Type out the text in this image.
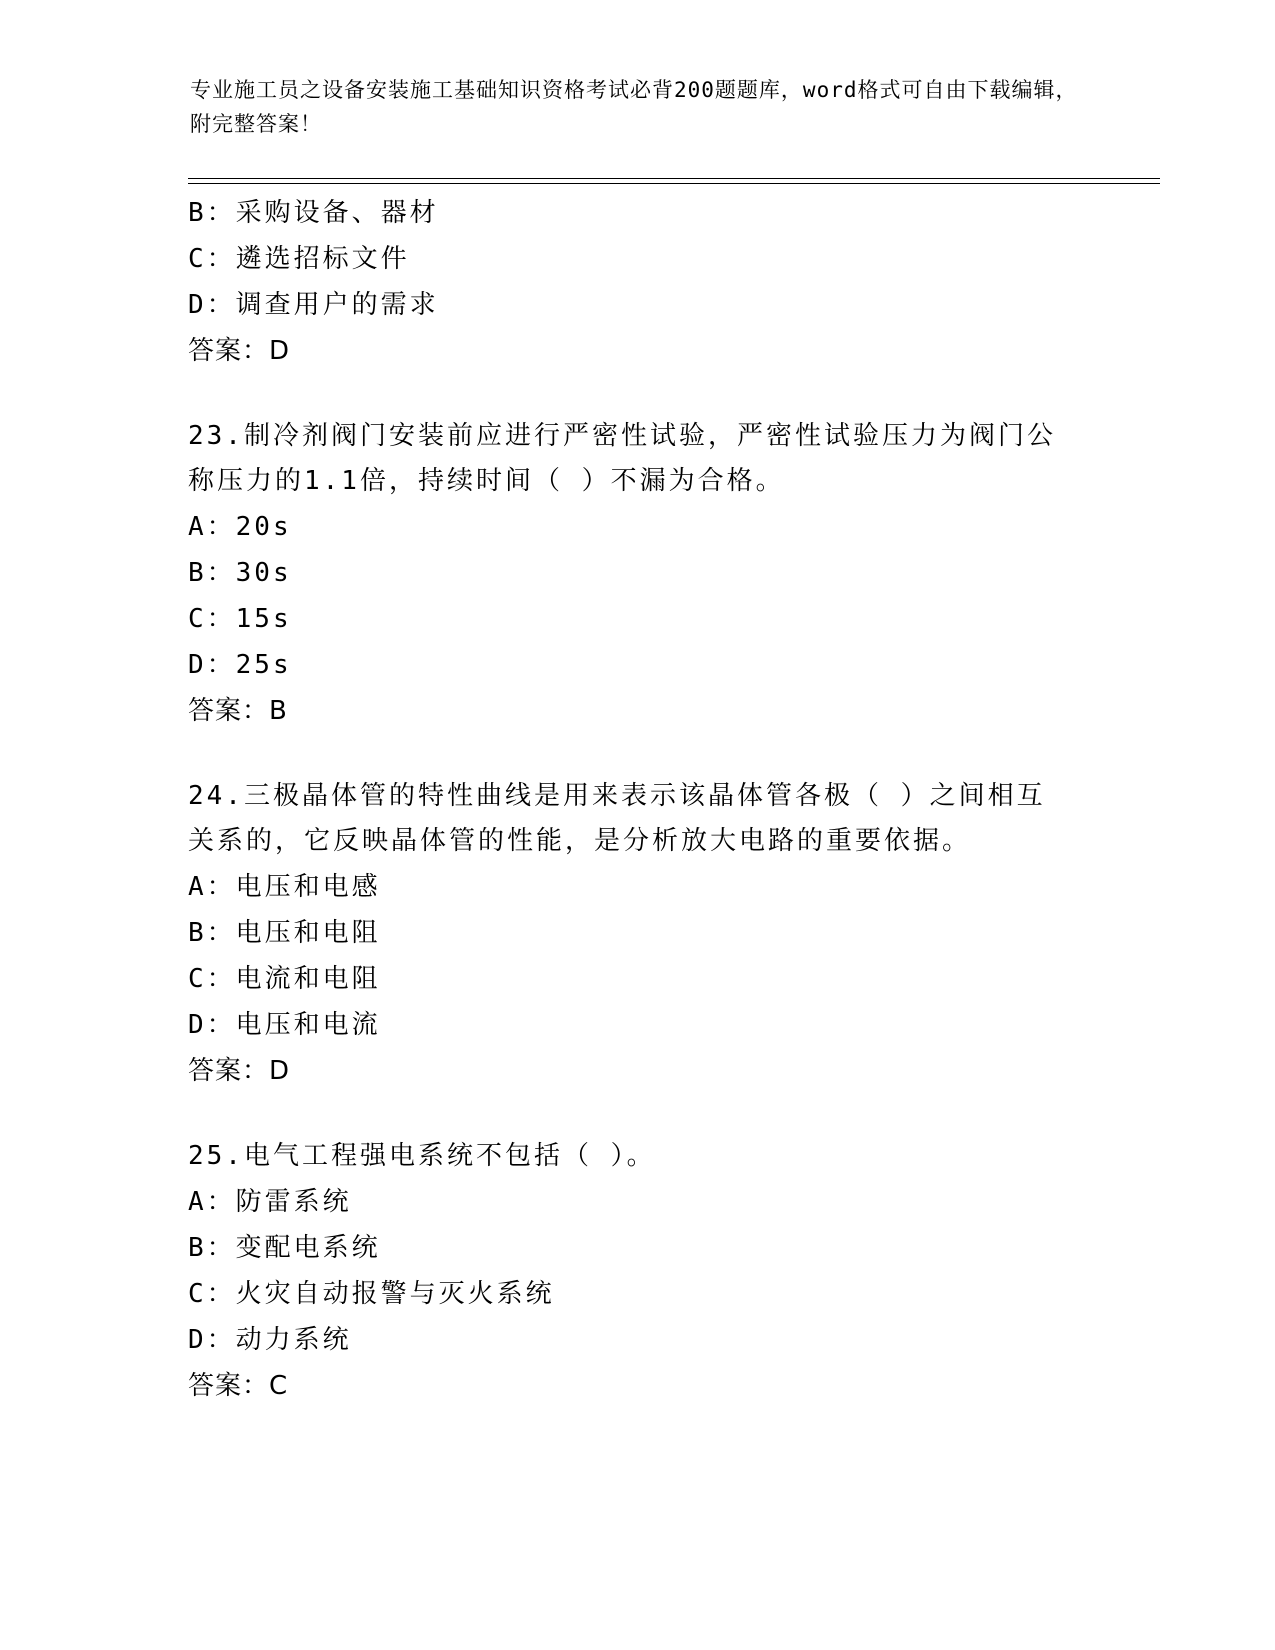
专业施工员之设备安装施工基础知识资格考试必背200题题库，word格式可自由下载编辑，附完整答案！
B：采购设备、器材
C：遴选招标文件
D：调查用户的需求
答案：D
23.制冷剂阀门安装前应进行严密性试验，严密性试验压力为阀门公称压力的1.1倍，持续时间（ ）不漏为合格。
A：20s
B：30s
C：15s
D：25s
答案：B
24.三极晶体管的特性曲线是用来表示该晶体管各极（ ）之间相互关系的，它反映晶体管的性能，是分析放大电路的重要依据。
A：电压和电感
B：电压和电阻
C：电流和电阻
D：电压和电流
答案：D
25.电气工程强电系统不包括（ ）。
A：防雷系统
B：变配电系统
C：火灾自动报警与灭火系统
D：动力系统
答案：C
